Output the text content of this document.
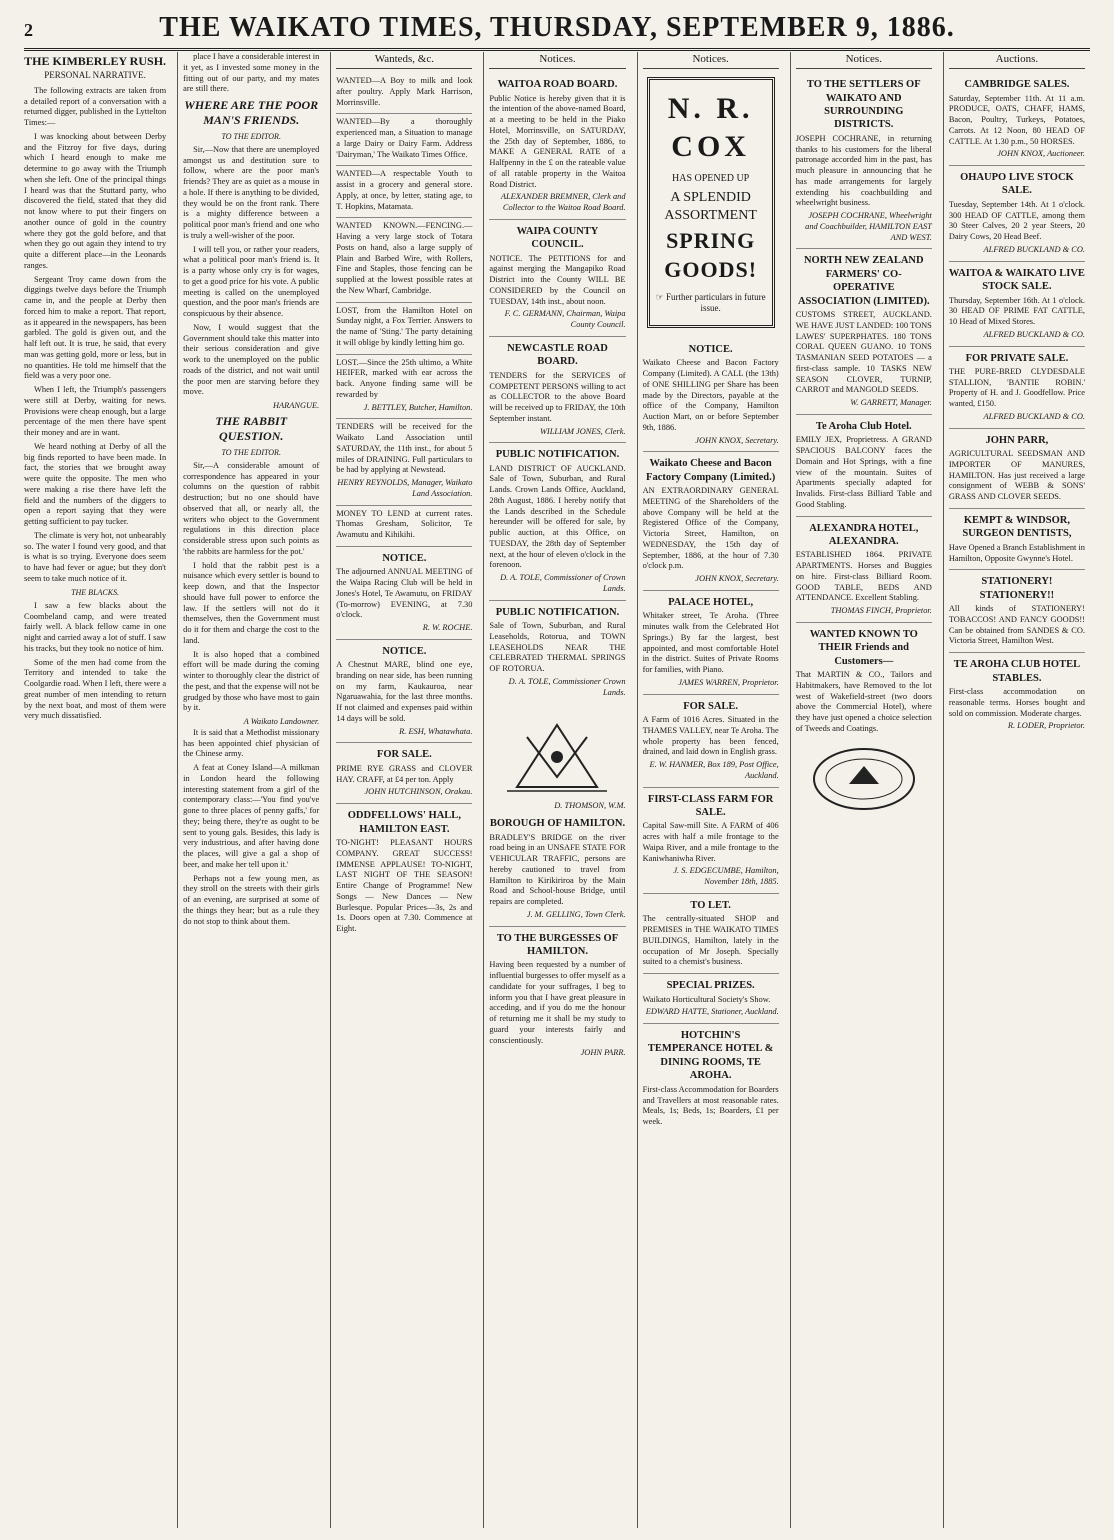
2	THE WAIKATO TIMES, THURSDAY, SEPTEMBER 9, 1886.
THE KIMBERLEY RUSH.
PERSONAL NARRATIVE.

The following extracts are taken from a detailed report of a conversation with a returned digger, published in the Lyttelton Times:—

I was knocking about between Derby and the Fitzroy for five days, during which I heard enough to make me determine to go away with the Triumph when she left. One of the principal things I heard was that the Stuttard party, who discovered the field, stated that they did not know where to put their fingers on another ounce of gold in the country where they got the gold before, and that when they go out again they intend to try quite a different place—in the Leonards ranges.

Sergeant Troy came down from the diggings twelve days before the Triumph came in, and the people at Derby then forced him to make a report. That report, as it appeared in the newspapers, has been garbled. The gold is given out, and the half left out. It is true, he said, that every man was getting gold, more or less, but in no quantities. He told me himself that the field was a very poor one.

When I left, the Triumph's passengers were still at Derby, waiting for news. Provisions were cheap enough, but a large percentage of the men there have spent their money and are in want.

We heard nothing at Derby of all the big finds reported to have been made. In fact, the stories that we brought away were quite the opposite. The men who were making a rise there have left the field and the numbers of the diggers to open a report saying that they were getting sufficient to pay tucker.

The climate is very hot, not unbearably so. The water I found very good, and that is what is so trying. Everyone does seem to have had fever or ague; but they don't seem to take much notice of it.

THE BLACKS.

I saw a few blacks about the Coombeland camp, and were treated fairly well. A black fellow came in one night and carried away a lot of stuff. I saw his tracks, but they took no notice of him.

Some of the men had come from the Territory and intended to take the Coolgardie road. When I left, there were a great number of men intending to return by the next boat, and most of them were very much dissatisfied.

place I have a considerable interest in it yet, as I invested some money in the fitting out of our party, and my mates are still there.

WHERE ARE THE POOR MAN'S FRIENDS.
TO THE EDITOR.

Sir,—Now that there are unemployed amongst us and destitution sure to follow, where are the poor man's friends? They are as quiet as a mouse in a hole. If there is anything to be divided, they would be on the front rank. There is a mighty difference between a political poor man's friend and one who is truly a well-wisher of the poor.

I will tell you, or rather your readers, what a political poor man's friend is. It is a party whose only cry is for wages, to get a good price for his vote. A public meeting is called on the unemployed question, and the poor man's friends are conspicuous by their absence.

Now, I would suggest that the Government should take this matter into their serious consideration and give work to the unemployed on the public roads of the district, and not wait until the poor men are starving before they move.

HARANGUE.
THE RABBIT QUESTION.
TO THE EDITOR.

Sir,—A considerable amount of correspondence has appeared in your columns on the question of rabbit destruction; but no one should have observed that all, or nearly all, the writers who object to the Government regulations in this direction place considerable stress upon such points as 'the rabbits are harmless for the pot.'

I hold that the rabbit pest is a nuisance which every settler is bound to keep down, and that the Inspector should have full power to enforce the law. If the settlers will not do it themselves, then the Government must do it for them and charge the cost to the land.

It is also hoped that a combined effort will be made during the coming winter to thoroughly clear the district of the pest, and that the expense will not be grudged by those who have most to gain by it.

A Waikato Landowner.

It is said that a Methodist missionary has been appointed chief physician of the Chinese army.

A feat at Coney Island—A milkman in London heard the following interesting statement from a girl of the contemporary class:—'You find you've gone to three places of penny gaffs,' for they; being there, they're as ought to be sent to young gals. Besides, this lady is very industrious, and after having done the places, will give a gal a shop of beer, and make her tell upon it.'

Perhaps not a few young men, as they stroll on the streets with their girls of an evening, are surprised at some of the things they hear; but as a rule they do not stop to think about them.

Wanteds, &c.
WANTED—A Boy to milk and look after poultry. Apply Mark Harrison, Morrinsville.
WANTED—By a thoroughly experienced man, a Situation to manage a large Dairy or Dairy Farm. Address 'Dairyman,' The Waikato Times Office.
WANTED—A respectable Youth to assist in a grocery and general store. Apply, at once, by letter, stating age, to T. Hopkins, Matamata.
WANTED KNOWN.—FENCING.—Having a very large stock of Totara Posts on hand, also a large supply of Plain and Barbed Wire, with Rollers, Fine and Staples, those fencing can be supplied at the lowest possible rates at the New Wharf, Cambridge.
LOST, from the Hamilton Hotel on Sunday night, a Fox Terrier. Answers to the name of 'Sting.' The party detaining it will oblige by kindly letting him go.
LOST.—Since the 25th ultimo, a White HEIFER, marked with ear across the back. Anyone finding same will be rewarded by
J. BETTLEY, Butcher, Hamilton.
TENDERS will be received for the Waikato Land Association until SATURDAY, the 11th inst., for about 5 miles of DRAINING. Full particulars to be had by applying at Newstead.
HENRY REYNOLDS, Manager, Waikato Land Association.
MONEY TO LEND at current rates. Thomas Gresham, Solicitor, Te Awamutu and Kihikihi.
NOTICE.
The adjourned ANNUAL MEETING of the Waipa Racing Club will be held in Jones's Hotel, Te Awamutu, on FRIDAY (To-morrow) EVENING, at 7.30 o'clock.
R. W. ROCHE.
NOTICE.
A Chestnut MARE, blind one eye, branding on near side, has been running on my farm, Kaukauroa, near Ngaruawahia, for the last three months. If not claimed and expenses paid within 14 days will be sold.
R. ESH, Whatawhata.
FOR SALE.
PRIME RYE GRASS and CLOVER HAY. CRAFF, at £4 per ton. Apply
JOHN HUTCHINSON, Orakau.
ODDFELLOWS' HALL, HAMILTON EAST.
TO-NIGHT! PLEASANT HOURS COMPANY. GREAT SUCCESS! IMMENSE APPLAUSE! TO-NIGHT, LAST NIGHT OF THE SEASON! Entire Change of Programme! New Songs — New Dances — New Burlesque. Popular Prices—3s, 2s and 1s. Doors open at 7.30. Commence at Eight.
Notices.
WAITOA ROAD BOARD.
Public Notice is hereby given that it is the intention of the above-named Board, at a meeting to be held in the Piako Hotel, Morrinsville, on SATURDAY, the 25th day of September, 1886, to MAKE A GENERAL RATE of a Halfpenny in the £ on the rateable value of all ratable property in the Waitoa Road District.
ALEXANDER BREMNER, Clerk and Collector to the Waitoa Road Board.
WAIPA COUNTY COUNCIL.
NOTICE. The PETITIONS for and against merging the Mangapiko Road District into the County WILL BE CONSIDERED by the Council on TUESDAY, 14th inst., about noon.
F. C. GERMANN, Chairman, Waipa County Council.
NEWCASTLE ROAD BOARD.
TENDERS for the SERVICES of COMPETENT PERSONS willing to act as COLLECTOR to the above Board will be received up to FRIDAY, the 10th September instant.
WILLIAM JONES, Clerk.
PUBLIC NOTIFICATION.
LAND DISTRICT OF AUCKLAND. Sale of Town, Suburban, and Rural Lands. Crown Lands Office, Auckland, 28th August, 1886. I hereby notify that the Lands described in the Schedule hereunder will be offered for sale, by public auction, at this Office, on TUESDAY, the 28th day of September next, at the hour of eleven o'clock in the forenoon.
D. A. TOLE, Commissioner of Crown Lands.
PUBLIC NOTIFICATION.
Sale of Town, Suburban, and Rural Leaseholds, Rotorua, and TOWN LEASEHOLDS NEAR THE CELEBRATED THERMAL SPRINGS OF ROTORUA.
D. A. TOLE, Commissioner Crown Lands.
D. THOMSON, W.M.
BOROUGH OF HAMILTON.
BRADLEY'S BRIDGE on the river road being in an UNSAFE STATE FOR VEHICULAR TRAFFIC, persons are hereby cautioned to travel from Hamilton to Kirikiriroa by the Main Road and School-house Bridge, until repairs are completed.
J. M. GELLING, Town Clerk.
TO THE BURGESSES OF HAMILTON.
Having been requested by a number of influential burgesses to offer myself as a candidate for your suffrages, I beg to inform you that I have great pleasure in acceding, and if you do me the honour of returning me it shall be my study to guard your interests fairly and conscientiously.
JOHN PARR.
Notices.
N. R. COX
HAS OPENED UP
A SPLENDID ASSORTMENT
SPRING GOODS!
☞ Further particulars in future issue.
NOTICE.
Waikato Cheese and Bacon Factory Company (Limited). A CALL (the 13th) of ONE SHILLING per Share has been made by the Directors, payable at the office of the Company, Hamilton Auction Mart, on or before September 9th, 1886.
JOHN KNOX, Secretary.
Waikato Cheese and Bacon Factory Company (Limited.)
AN EXTRAORDINARY GENERAL MEETING of the Shareholders of the above Company will be held at the Registered Office of the Company, Victoria Street, Hamilton, on WEDNESDAY, the 15th day of September, 1886, at the hour of 7.30 o'clock p.m.
JOHN KNOX, Secretary.
PALACE HOTEL,
Whitaker street, Te Aroha. (Three minutes walk from the Celebrated Hot Springs.) By far the largest, best appointed, and most comfortable Hotel in the district. Suites of Private Rooms for families, with Piano.
JAMES WARREN, Proprietor.
FOR SALE.
A Farm of 1016 Acres. Situated in the THAMES VALLEY, near Te Aroha. The whole property has been fenced, drained, and laid down in English grass.
E. W. HANMER, Box 189, Post Office, Auckland.
FIRST-CLASS FARM FOR SALE.
Capital Saw-mill Site. A FARM of 406 acres with half a mile frontage to the Waipa River, and a mile frontage to the Kaniwhaniwha River.
J. S. EDGECUMBE, Hamilton, November 18th, 1885.
TO LET.
The centrally-situated SHOP and PREMISES in THE WAIKATO TIMES BUILDINGS, Hamilton, lately in the occupation of Mr Joseph. Specially suited to a chemist's business.
SPECIAL PRIZES.
Waikato Horticultural Society's Show.
EDWARD HATTE, Stationer, Auckland.
HOTCHIN'S TEMPERANCE HOTEL & DINING ROOMS, TE AROHA.
First-class Accommodation for Boarders and Travellers at most reasonable rates. Meals, 1s; Beds, 1s; Boarders, £1 per week.
Notices.
TO THE SETTLERS OF WAIKATO AND SURROUNDING DISTRICTS.
JOSEPH COCHRANE, in returning thanks to his customers for the liberal patronage accorded him in the past, has much pleasure in announcing that he has made arrangements for largely extending his coachbuilding and wheelwright business.
JOSEPH COCHRANE, Wheelwright and Coachbuilder, HAMILTON EAST AND WEST.
NORTH NEW ZEALAND FARMERS' CO-OPERATIVE ASSOCIATION (LIMITED).
CUSTOMS STREET, AUCKLAND. WE HAVE JUST LANDED: 100 TONS LAWES' SUPERPHATES. 180 TONS CORAL QUEEN GUANO. 10 TONS TASMANIAN SEED POTATOES — a first-class sample. 10 TASKS NEW SEASON CLOVER, TURNIP, CARROT and MANGOLD SEEDS.
W. GARRETT, Manager.
Te Aroha Club Hotel.
EMILY JEX, Proprietress. A GRAND SPACIOUS BALCONY faces the Domain and Hot Springs, with a fine view of the mountain. Suites of Apartments specially adapted for Invalids. First-class Billiard Table and Good Stabling.
ALEXANDRA HOTEL, ALEXANDRA.
ESTABLISHED 1864. PRIVATE APARTMENTS. Horses and Buggies on hire. First-class Billiard Room. GOOD TABLE, BEDS AND ATTENDANCE. Excellent Stabling.
THOMAS FINCH, Proprietor.
WANTED KNOWN TO THEIR Friends and Customers—
That MARTIN & CO., Tailors and Habitmakers, have Removed to the lot west of Wakefield-street (two doors above the Commercial Hotel), where they have just opened a choice selection of Tweeds and Coatings.
Auctions.
CAMBRIDGE SALES.
Saturday, September 11th. At 11 a.m. PRODUCE, OATS, CHAFF, HAMS, Bacon, Poultry, Turkeys, Potatoes, Carrots. At 12 Noon, 80 HEAD OF CATTLE. At 1.30 p.m., 50 HORSES.
JOHN KNOX, Auctioneer.
OHAUPO LIVE STOCK SALE.
Tuesday, September 14th. At 1 o'clock. 300 HEAD OF CATTLE, among them 30 Steer Calves, 20 2 year Steers, 20 Dairy Cows, 20 Head Beef.
ALFRED BUCKLAND & CO.
WAITOA & WAIKATO LIVE STOCK SALE.
Thursday, September 16th. At 1 o'clock. 30 HEAD OF PRIME FAT CATTLE, 10 Head of Mixed Stores.
ALFRED BUCKLAND & CO.
FOR PRIVATE SALE.
THE PURE-BRED CLYDESDALE STALLION, 'BANTIE ROBIN.' Property of H. and J. Goodfellow. Price wanted, £150.
ALFRED BUCKLAND & CO.
JOHN PARR,
AGRICULTURAL SEEDSMAN AND IMPORTER OF MANURES, HAMILTON. Has just received a large consignment of WEBB & SONS' GRASS AND CLOVER SEEDS.
KEMPT & WINDSOR, SURGEON DENTISTS,
Have Opened a Branch Establishment in Hamilton, Opposite Gwynne's Hotel.
STATIONERY! STATIONERY!!
All kinds of STATIONERY! TOBACCOS! AND FANCY GOODS!! Can be obtained from SANDES & CO. Victoria Street, Hamilton West.
TE AROHA CLUB HOTEL STABLES.
First-class accommodation on reasonable terms. Horses bought and sold on commission. Moderate charges.
R. LODER, Proprietor.
